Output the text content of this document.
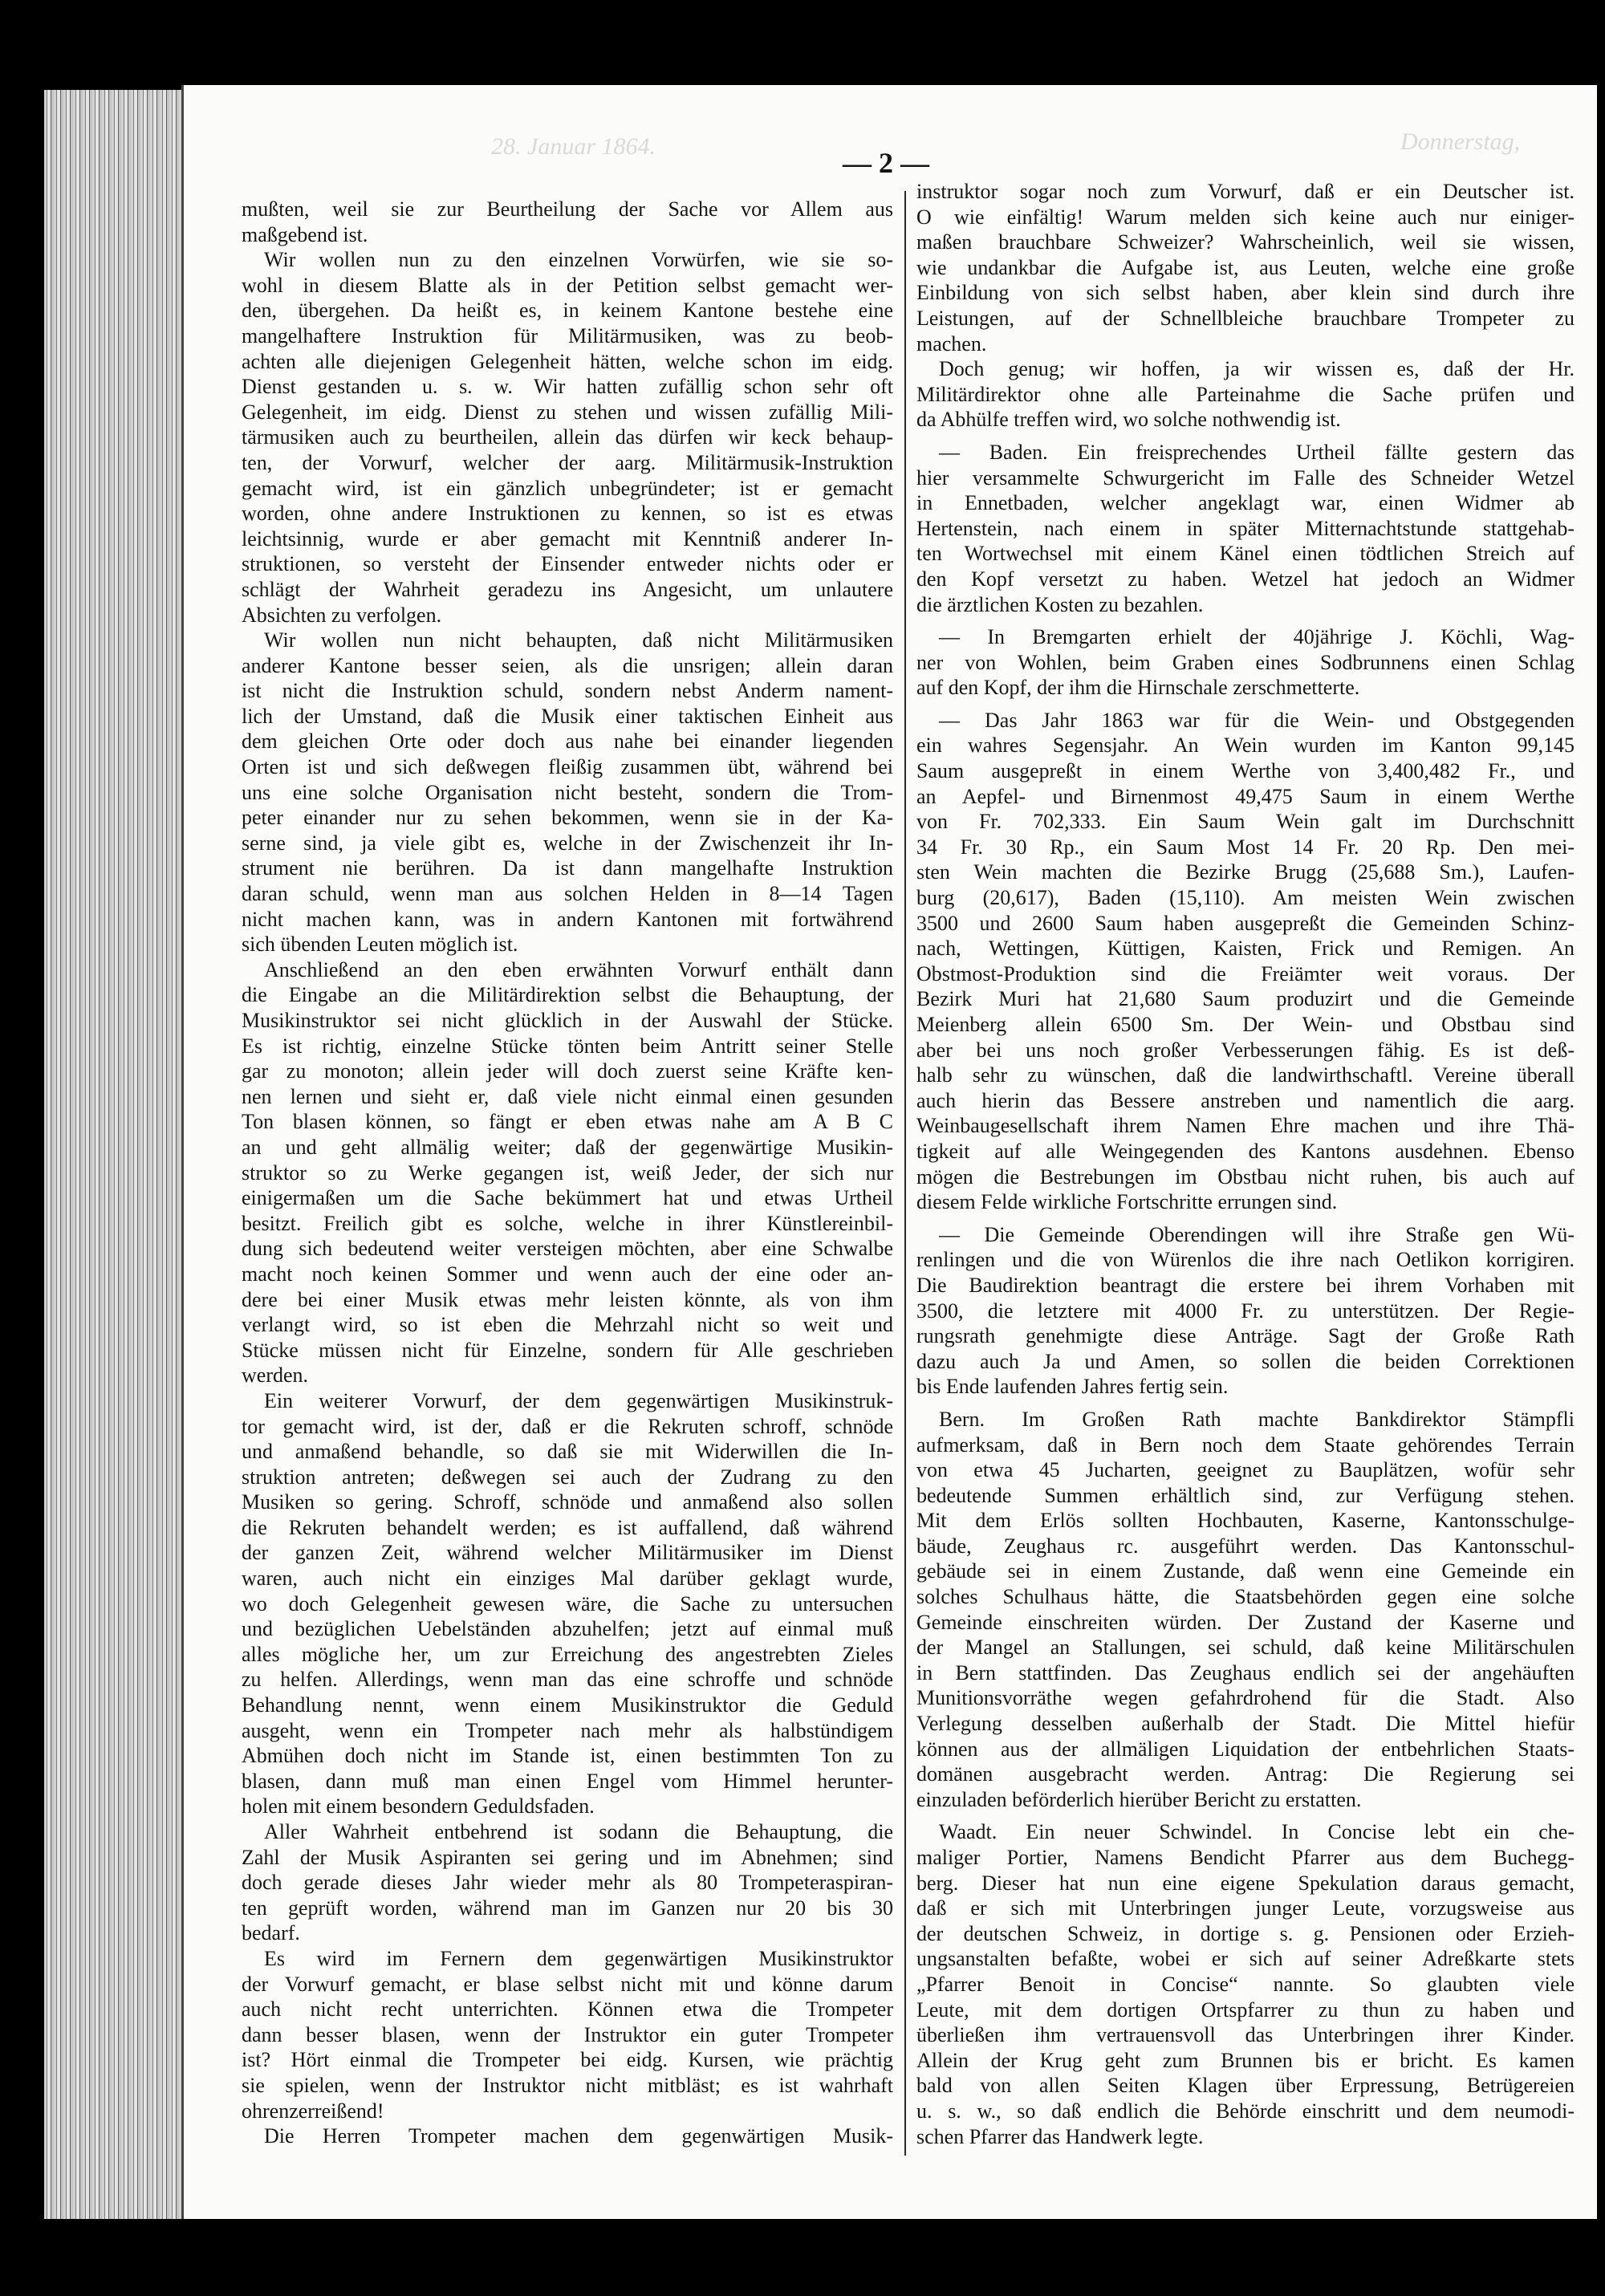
28. Januar 1864.	Donnerstag,
— 2 —
mußten, weil sie zur Beurtheilung der Sache vor Allem aus
maßgebend ist.
Wir wollen nun zu den einzelnen Vorwürfen, wie sie so-
wohl in diesem Blatte als in der Petition selbst gemacht wer-
den, übergehen. Da heißt es, in keinem Kantone bestehe eine
mangelhaftere Instruktion für Militärmusiken, was zu beob-
achten alle diejenigen Gelegenheit hätten, welche schon im eidg.
Dienst gestanden u. s. w. Wir hatten zufällig schon sehr oft
Gelegenheit, im eidg. Dienst zu stehen und wissen zufällig Mili-
tärmusiken auch zu beurtheilen, allein das dürfen wir keck behaup-
ten, der Vorwurf, welcher der aarg. Militärmusik-Instruktion
gemacht wird, ist ein gänzlich unbegründeter; ist er gemacht
worden, ohne andere Instruktionen zu kennen, so ist es etwas
leichtsinnig, wurde er aber gemacht mit Kenntniß anderer In-
struktionen, so versteht der Einsender entweder nichts oder er
schlägt der Wahrheit geradezu ins Angesicht, um unlautere
Absichten zu verfolgen.
Wir wollen nun nicht behaupten, daß nicht Militärmusiken
anderer Kantone besser seien, als die unsrigen; allein daran
ist nicht die Instruktion schuld, sondern nebst Anderm nament-
lich der Umstand, daß die Musik einer taktischen Einheit aus
dem gleichen Orte oder doch aus nahe bei einander liegenden
Orten ist und sich deßwegen fleißig zusammen übt, während bei
uns eine solche Organisation nicht besteht, sondern die Trom-
peter einander nur zu sehen bekommen, wenn sie in der Ka-
serne sind, ja viele gibt es, welche in der Zwischenzeit ihr In-
strument nie berühren. Da ist dann mangelhafte Instruktion
daran schuld, wenn man aus solchen Helden in 8—14 Tagen
nicht machen kann, was in andern Kantonen mit fortwährend
sich übenden Leuten möglich ist.
Anschließend an den eben erwähnten Vorwurf enthält dann
die Eingabe an die Militärdirektion selbst die Behauptung, der
Musikinstruktor sei nicht glücklich in der Auswahl der Stücke.
Es ist richtig, einzelne Stücke tönten beim Antritt seiner Stelle
gar zu monoton; allein jeder will doch zuerst seine Kräfte ken-
nen lernen und sieht er, daß viele nicht einmal einen gesunden
Ton blasen können, so fängt er eben etwas nahe am A B C
an und geht allmälig weiter; daß der gegenwärtige Musikin-
struktor so zu Werke gegangen ist, weiß Jeder, der sich nur
einigermaßen um die Sache bekümmert hat und etwas Urtheil
besitzt. Freilich gibt es solche, welche in ihrer Künstlereinbil-
dung sich bedeutend weiter versteigen möchten, aber eine Schwalbe
macht noch keinen Sommer und wenn auch der eine oder an-
dere bei einer Musik etwas mehr leisten könnte, als von ihm
verlangt wird, so ist eben die Mehrzahl nicht so weit und
Stücke müssen nicht für Einzelne, sondern für Alle geschrieben
werden.
Ein weiterer Vorwurf, der dem gegenwärtigen Musikinstruk-
tor gemacht wird, ist der, daß er die Rekruten schroff, schnöde
und anmaßend behandle, so daß sie mit Widerwillen die In-
struktion antreten; deßwegen sei auch der Zudrang zu den
Musiken so gering. Schroff, schnöde und anmaßend also sollen
die Rekruten behandelt werden; es ist auffallend, daß während
der ganzen Zeit, während welcher Militärmusiker im Dienst
waren, auch nicht ein einziges Mal darüber geklagt wurde,
wo doch Gelegenheit gewesen wäre, die Sache zu untersuchen
und bezüglichen Uebelständen abzuhelfen; jetzt auf einmal muß
alles mögliche her, um zur Erreichung des angestrebten Zieles
zu helfen. Allerdings, wenn man das eine schroffe und schnöde
Behandlung nennt, wenn einem Musikinstruktor die Geduld
ausgeht, wenn ein Trompeter nach mehr als halbstündigem
Abmühen doch nicht im Stande ist, einen bestimmten Ton zu
blasen, dann muß man einen Engel vom Himmel herunter-
holen mit einem besondern Geduldsfaden.
Aller Wahrheit entbehrend ist sodann die Behauptung, die
Zahl der Musik Aspiranten sei gering und im Abnehmen; sind
doch gerade dieses Jahr wieder mehr als 80 Trompeteraspiran-
ten geprüft worden, während man im Ganzen nur 20 bis 30
bedarf.
Es wird im Fernern dem gegenwärtigen Musikinstruktor
der Vorwurf gemacht, er blase selbst nicht mit und könne darum
auch nicht recht unterrichten. Können etwa die Trompeter
dann besser blasen, wenn der Instruktor ein guter Trompeter
ist? Hört einmal die Trompeter bei eidg. Kursen, wie prächtig
sie spielen, wenn der Instruktor nicht mitbläst; es ist wahrhaft
ohrenzerreißend!
Die Herren Trompeter machen dem gegenwärtigen Musik-
instruktor sogar noch zum Vorwurf, daß er ein Deutscher ist.
O wie einfältig! Warum melden sich keine auch nur einiger-
maßen brauchbare Schweizer? Wahrscheinlich, weil sie wissen,
wie undankbar die Aufgabe ist, aus Leuten, welche eine große
Einbildung von sich selbst haben, aber klein sind durch ihre
Leistungen, auf der Schnellbleiche brauchbare Trompeter zu
machen.
Doch genug; wir hoffen, ja wir wissen es, daß der Hr.
Militärdirektor ohne alle Parteinahme die Sache prüfen und
da Abhülfe treffen wird, wo solche nothwendig ist.
— Baden. Ein freisprechendes Urtheil fällte gestern das
hier versammelte Schwurgericht im Falle des Schneider Wetzel
in Ennetbaden, welcher angeklagt war, einen Widmer ab
Hertenstein, nach einem in später Mitternachtstunde stattgehab-
ten Wortwechsel mit einem Känel einen tödtlichen Streich auf
den Kopf versetzt zu haben. Wetzel hat jedoch an Widmer
die ärztlichen Kosten zu bezahlen.
— In Bremgarten erhielt der 40jährige J. Köchli, Wag-
ner von Wohlen, beim Graben eines Sodbrunnens einen Schlag
auf den Kopf, der ihm die Hirnschale zerschmetterte.
— Das Jahr 1863 war für die Wein- und Obstgegenden
ein wahres Segensjahr. An Wein wurden im Kanton 99,145
Saum ausgepreßt in einem Werthe von 3,400,482 Fr., und
an Aepfel- und Birnenmost 49,475 Saum in einem Werthe
von Fr. 702,333. Ein Saum Wein galt im Durchschnitt
34 Fr. 30 Rp., ein Saum Most 14 Fr. 20 Rp. Den mei-
sten Wein machten die Bezirke Brugg (25,688 Sm.), Laufen-
burg (20,617), Baden (15,110). Am meisten Wein zwischen
3500 und 2600 Saum haben ausgepreßt die Gemeinden Schinz-
nach, Wettingen, Küttigen, Kaisten, Frick und Remigen. An
Obstmost-Produktion sind die Freiämter weit voraus. Der
Bezirk Muri hat 21,680 Saum produzirt und die Gemeinde
Meienberg allein 6500 Sm. Der Wein- und Obstbau sind
aber bei uns noch großer Verbesserungen fähig. Es ist deß-
halb sehr zu wünschen, daß die landwirthschaftl. Vereine überall
auch hierin das Bessere anstreben und namentlich die aarg.
Weinbaugesellschaft ihrem Namen Ehre machen und ihre Thä-
tigkeit auf alle Weingegenden des Kantons ausdehnen. Ebenso
mögen die Bestrebungen im Obstbau nicht ruhen, bis auch auf
diesem Felde wirkliche Fortschritte errungen sind.
— Die Gemeinde Oberendingen will ihre Straße gen Wü-
renlingen und die von Würenlos die ihre nach Oetlikon korrigiren.
Die Baudirektion beantragt die erstere bei ihrem Vorhaben mit
3500, die letztere mit 4000 Fr. zu unterstützen. Der Regie-
rungsrath genehmigte diese Anträge. Sagt der Große Rath
dazu auch Ja und Amen, so sollen die beiden Correktionen
bis Ende laufenden Jahres fertig sein.
Bern. Im Großen Rath machte Bankdirektor Stämpfli
aufmerksam, daß in Bern noch dem Staate gehörendes Terrain
von etwa 45 Jucharten, geeignet zu Bauplätzen, wofür sehr
bedeutende Summen erhältlich sind, zur Verfügung stehen.
Mit dem Erlös sollten Hochbauten, Kaserne, Kantonsschulge-
bäude, Zeughaus rc. ausgeführt werden. Das Kantonsschul-
gebäude sei in einem Zustande, daß wenn eine Gemeinde ein
solches Schulhaus hätte, die Staatsbehörden gegen eine solche
Gemeinde einschreiten würden. Der Zustand der Kaserne und
der Mangel an Stallungen, sei schuld, daß keine Militärschulen
in Bern stattfinden. Das Zeughaus endlich sei der angehäuften
Munitionsvorräthe wegen gefahrdrohend für die Stadt. Also
Verlegung desselben außerhalb der Stadt. Die Mittel hiefür
können aus der allmäligen Liquidation der entbehrlichen Staats-
domänen ausgebracht werden. Antrag: Die Regierung sei
einzuladen beförderlich hierüber Bericht zu erstatten.
Waadt. Ein neuer Schwindel. In Concise lebt ein che-
maliger Portier, Namens Bendicht Pfarrer aus dem Buchegg-
berg. Dieser hat nun eine eigene Spekulation daraus gemacht,
daß er sich mit Unterbringen junger Leute, vorzugsweise aus
der deutschen Schweiz, in dortige s. g. Pensionen oder Erzieh-
ungsanstalten befaßte, wobei er sich auf seiner Adreßkarte stets
„Pfarrer Benoit in Concise“ nannte. So glaubten viele
Leute, mit dem dortigen Ortspfarrer zu thun zu haben und
überließen ihm vertrauensvoll das Unterbringen ihrer Kinder.
Allein der Krug geht zum Brunnen bis er bricht. Es kamen
bald von allen Seiten Klagen über Erpressung, Betrügereien
u. s. w., so daß endlich die Behörde einschritt und dem neumodi-
schen Pfarrer das Handwerk legte.
